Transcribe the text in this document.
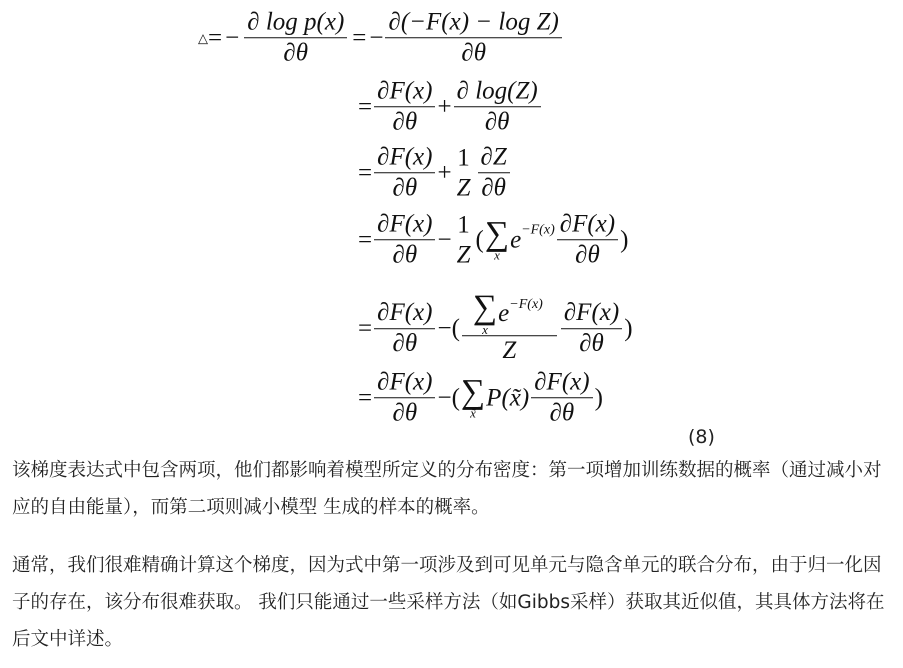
△ = − $\frac{\text{∂ log p(x)}}{\partial\theta}$ = − $\frac{\text{∂(−F(x) − log Z)}}{\partial\theta}$
= $\frac{\partial F(x)}{\partial\theta} + \frac{\partial \log(Z)}{\partial\theta}$
= $\frac{\partial F(x)}{\partial\theta}$ +
1
Z $\frac{\partial Z}{\partial\theta}$
= $\frac{\partial F(x)}{\partial\theta}$ −
1
Z
( ∑
x
$e^{-F(x)} \frac{\partial F(x)}{\partial\theta}$ )
= $\frac{\partial F(x)}{\partial\theta}$ −( ∑
x
$e^{-F(x)}$
Z $\frac{\partial F(x)}{\partial\theta}$ )
= $\frac{\partial F(x)}{\partial\theta}$ −( ∑
x̃
P(x̃) $\frac{\partial F(x)}{\partial\theta}$ )
(8)
该梯度表达式中包含两项，他们都影响着模型所定义的分布密度：第一项增加训练数据的概率（通过减小对应的自由能量），而第二项则减小模型 生成的样本的概率。
通常，我们很难精确计算这个梯度，因为式中第一项涉及到可见单元与隐含单元的联合分布，由于归一化因子的存在，该分布很难获取。 我们只能通过一些采样方法（如Gibbs采样）获取其近似值，其具体方法将在后文中详述。
